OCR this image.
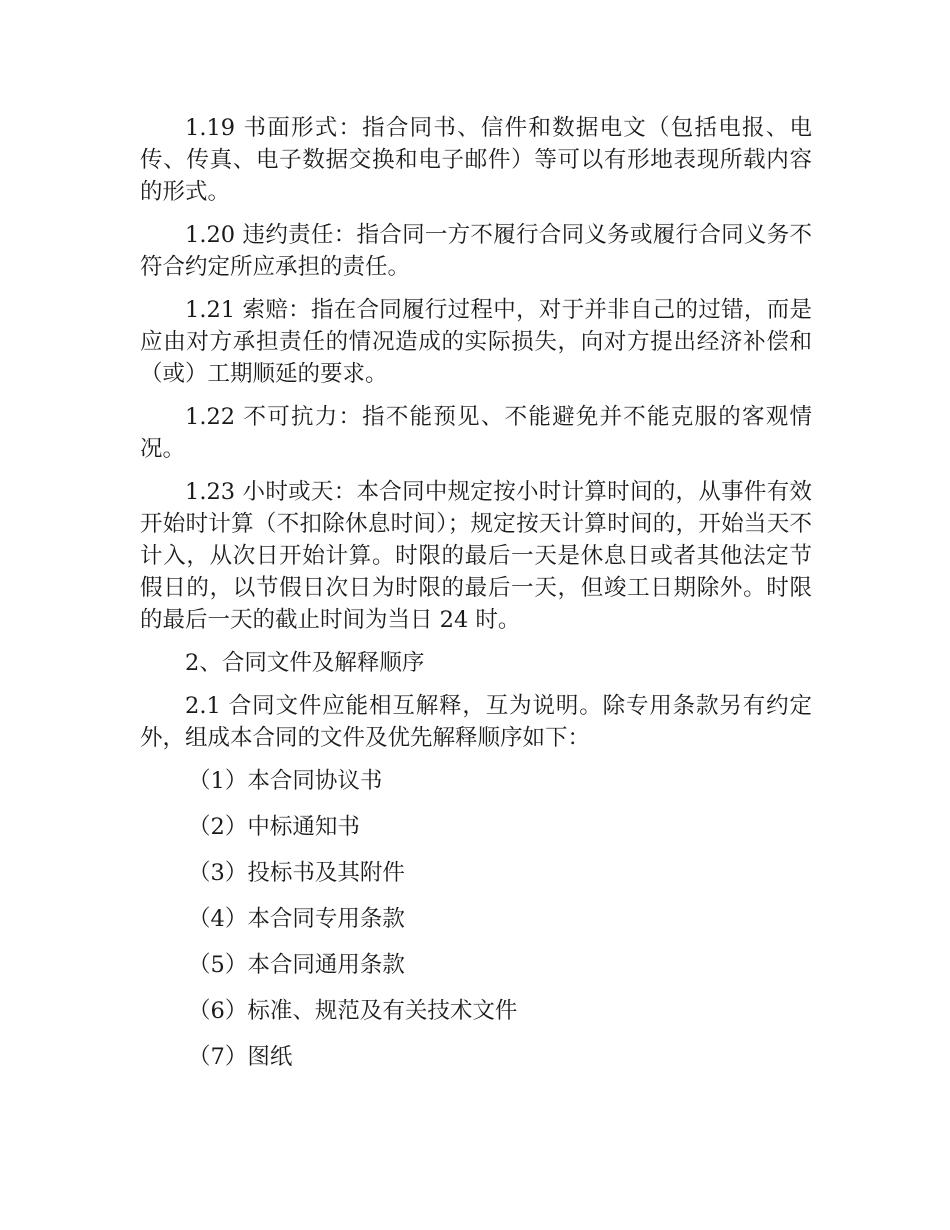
1.19 书面形式：指合同书、信件和数据电文（包括电报、电传、传真、电子数据交换和电子邮件）等可以有形地表现所载内容的形式。

1.20 违约责任：指合同一方不履行合同义务或履行合同义务不符合约定所应承担的责任。

1.21 索赔：指在合同履行过程中，对于并非自己的过错，而是应由对方承担责任的情况造成的实际损失，向对方提出经济补偿和（或）工期顺延的要求。

1.22 不可抗力：指不能预见、不能避免并不能克服的客观情况。

1.23 小时或天：本合同中规定按小时计算时间的，从事件有效开始时计算（不扣除休息时间）；规定按天计算时间的，开始当天不计入，从次日开始计算。时限的最后一天是休息日或者其他法定节假日的，以节假日次日为时限的最后一天，但竣工日期除外。时限的最后一天的截止时间为当日 24 时。

2、合同文件及解释顺序

2.1 合同文件应能相互解释，互为说明。除专用条款另有约定外，组成本合同的文件及优先解释顺序如下：

（1）本合同协议书

（2）中标通知书

（3）投标书及其附件

（4）本合同专用条款

（5）本合同通用条款

（6）标准、规范及有关技术文件

（7）图纸
